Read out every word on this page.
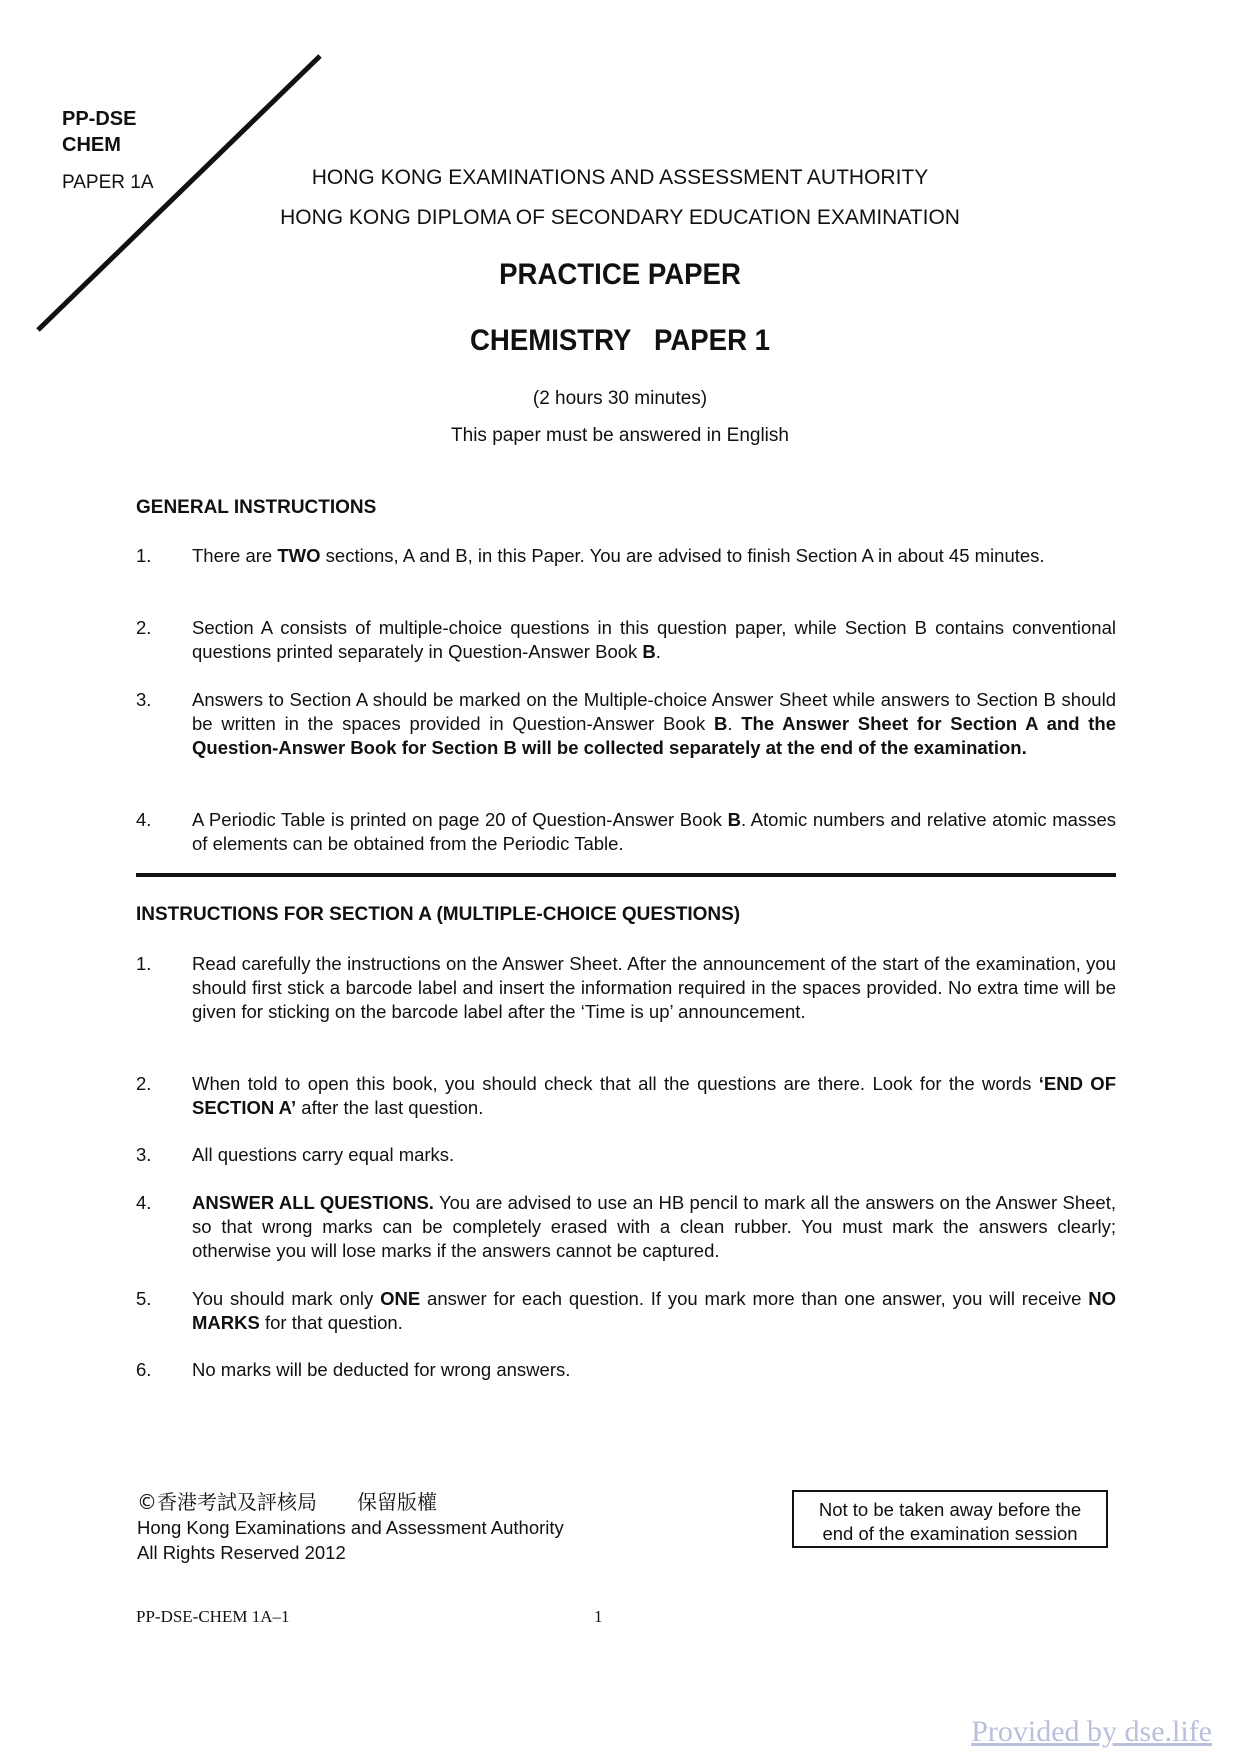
PP-DSE
CHEM
PAPER 1A	HONG KONG EXAMINATIONS AND ASSESSMENT AUTHORITY
HONG KONG DIPLOMA OF SECONDARY EDUCATION EXAMINATION
PRACTICE PAPER
CHEMISTRY   PAPER 1
(2 hours 30 minutes)
This paper must be answered in English
GENERAL INSTRUCTIONS
1. There are TWO sections, A and B, in this Paper. You are advised to finish Section A in about 45 minutes.
2. Section A consists of multiple-choice questions in this question paper, while Section B contains conventional questions printed separately in Question-Answer Book B.
3. Answers to Section A should be marked on the Multiple-choice Answer Sheet while answers to Section B should be written in the spaces provided in Question-Answer Book B. The Answer Sheet for Section A and the Question-Answer Book for Section B will be collected separately at the end of the examination.
4. A Periodic Table is printed on page 20 of Question-Answer Book B. Atomic numbers and relative atomic masses of elements can be obtained from the Periodic Table.
INSTRUCTIONS FOR SECTION A (MULTIPLE-CHOICE QUESTIONS)
1. Read carefully the instructions on the Answer Sheet. After the announcement of the start of the examination, you should first stick a barcode label and insert the information required in the spaces provided. No extra time will be given for sticking on the barcode label after the ‘Time is up’ announcement.
2. When told to open this book, you should check that all the questions are there. Look for the words ‘END OF SECTION A’ after the last question.
3. All questions carry equal marks.
4. ANSWER ALL QUESTIONS. You are advised to use an HB pencil to mark all the answers on the Answer Sheet, so that wrong marks can be completely erased with a clean rubber. You must mark the answers clearly; otherwise you will lose marks if the answers cannot be captured.
5. You should mark only ONE answer for each question. If you mark more than one answer, you will receive NO MARKS for that question.
6. No marks will be deducted for wrong answers.
©香港考試及評核局　　保留版權
Hong Kong Examinations and Assessment Authority
All Rights Reserved 2012
Not to be taken away before the
end of the examination session
PP-DSE-CHEM 1A–1	1
Provided by dse.life
